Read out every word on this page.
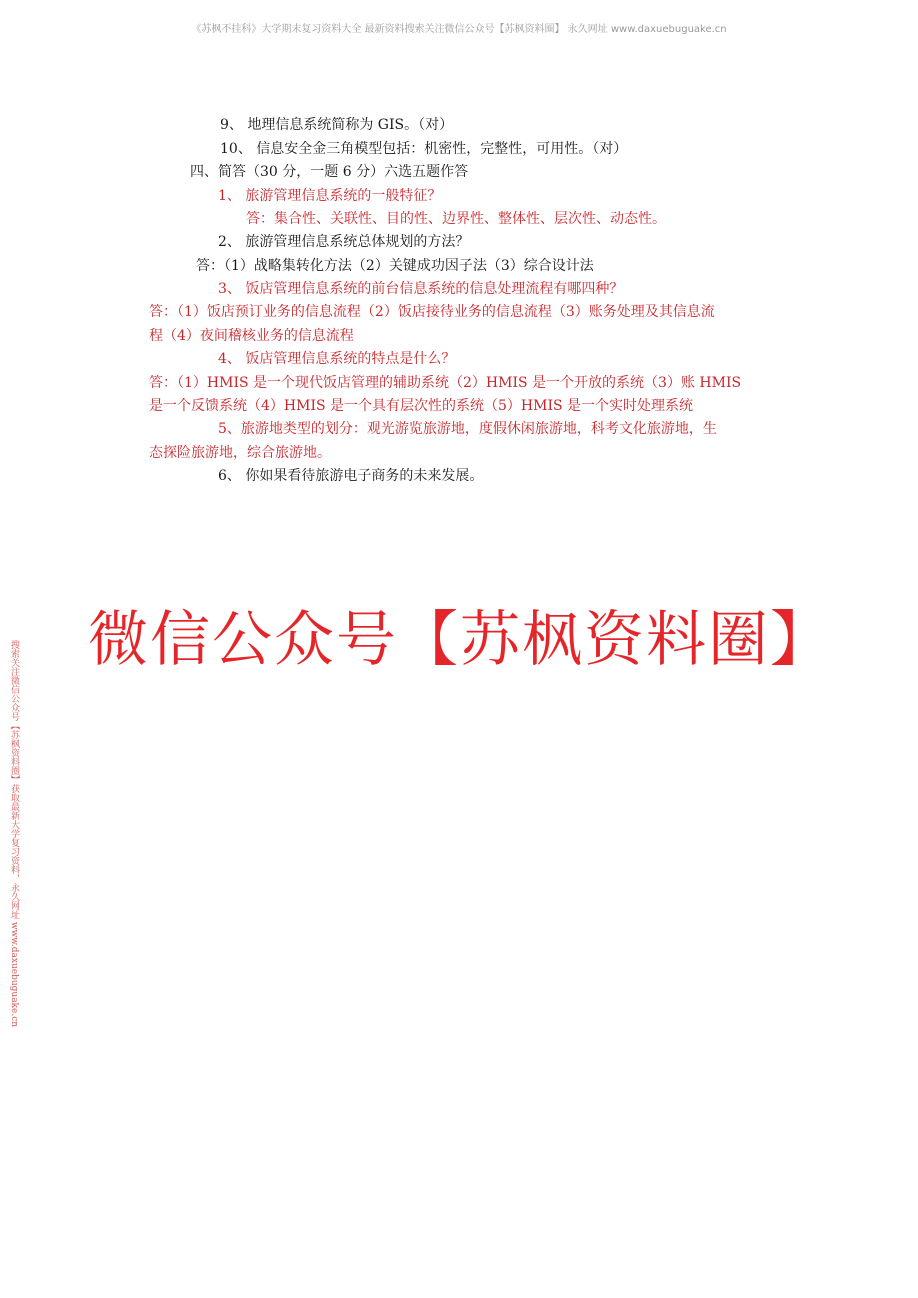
《苏枫不挂科》大学期末复习资料大全 最新资料搜索关注微信公众号【苏枫资料圈】 永久网址 www.daxuebuguake.cn
9、 地理信息系统简称为 GIS。（对）
10、 信息安全金三角模型包括：机密性，完整性，可用性。（对）
四、简答（30 分，一题 6 分）六选五题作答
1、 旅游管理信息系统的一般特征？
答：集合性、关联性、目的性、边界性、整体性、层次性、动态性。
2、 旅游管理信息系统总体规划的方法？
答：（1）战略集转化方法（2）关键成功因子法（3）综合设计法
3、 饭店管理信息系统的前台信息系统的信息处理流程有哪四种？
答：（1）饭店预订业务的信息流程（2）饭店接待业务的信息流程（3）账务处理及其信息流
程（4）夜间稽核业务的信息流程
4、 饭店管理信息系统的特点是什么？
答：（1）HMIS 是一个现代饭店管理的辅助系统（2）HMIS 是一个开放的系统（3）账 HMIS
是一个反馈系统（4）HMIS 是一个具有层次性的系统（5）HMIS 是一个实时处理系统
5、旅游地类型的划分：观光游览旅游地，度假休闲旅游地，科考文化旅游地，生
态探险旅游地，综合旅游地。
6、 你如果看待旅游电子商务的未来发展。
微信公众号【苏枫资料圈】
搜索关注微信公众号【苏枫资料圈】获取最新大学复习资料，永久网址 www.daxuebuguake.cn
